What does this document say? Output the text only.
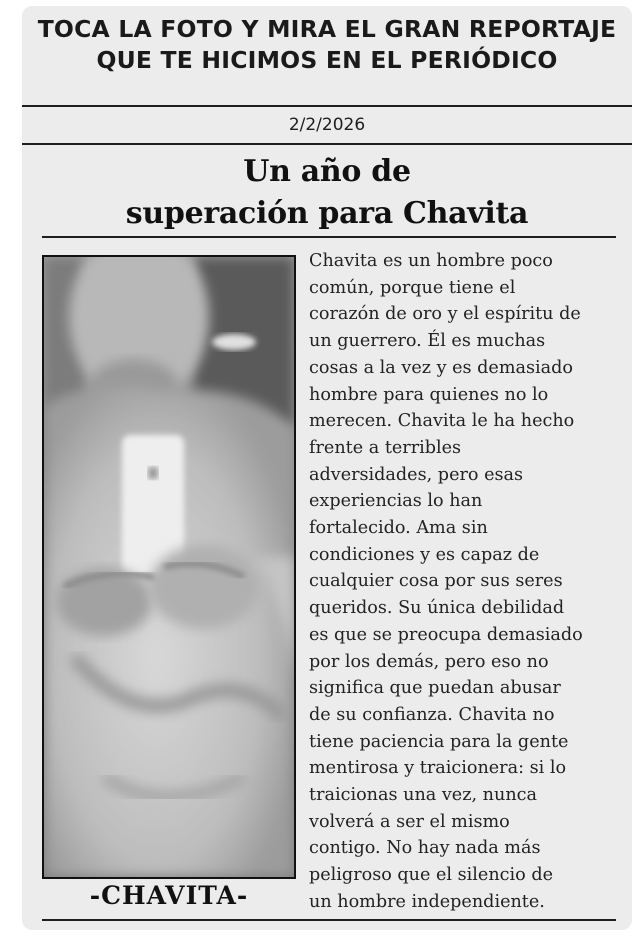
TOCA LA FOTO Y MIRA EL GRAN REPORTAJE
QUE TE HICIMOS EN EL PERIÓDICO
2/2/2026
Un año de
superación para Chavita
-CHAVITA-
Chavita es un hombre poco
común, porque tiene el
corazón de oro y el espíritu de
un guerrero. Él es muchas
cosas a la vez y es demasiado
hombre para quienes no lo
merecen. Chavita le ha hecho
frente a terribles
adversidades, pero esas
experiencias lo han
fortalecido. Ama sin
condiciones y es capaz de
cualquier cosa por sus seres
queridos. Su única debilidad
es que se preocupa demasiado
por los demás, pero eso no
significa que puedan abusar
de su confianza. Chavita no
tiene paciencia para la gente
mentirosa y traicionera: si lo
traicionas una vez, nunca
volverá a ser el mismo
contigo. No hay nada más
peligroso que el silencio de
un hombre independiente.
